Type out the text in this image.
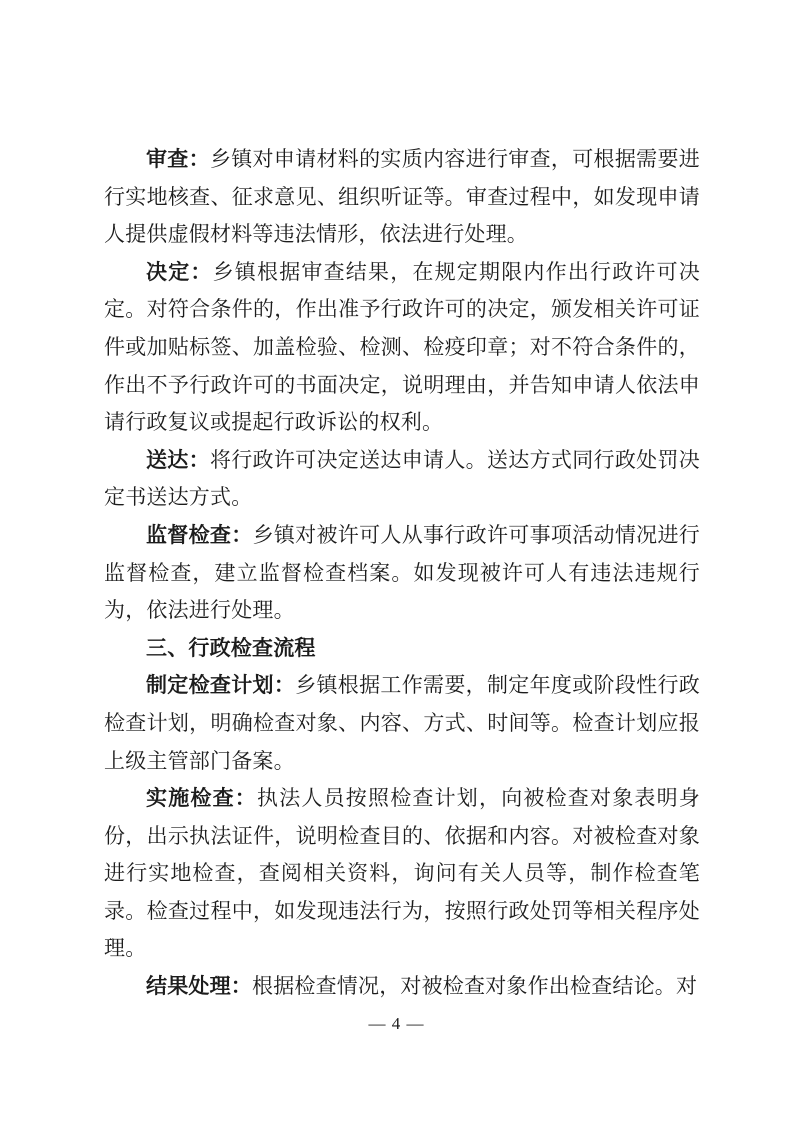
审查：乡镇对申请材料的实质内容进行审查，可根据需要进行实地核查、征求意见、组织听证等。审查过程中，如发现申请人提供虚假材料等违法情形，依法进行处理。

决定：乡镇根据审查结果，在规定期限内作出行政许可决定。对符合条件的，作出准予行政许可的决定，颁发相关许可证件或加贴标签、加盖检验、检测、检疫印章；对不符合条件的，作出不予行政许可的书面决定，说明理由，并告知申请人依法申请行政复议或提起行政诉讼的权利。

送达：将行政许可决定送达申请人。送达方式同行政处罚决定书送达方式。

监督检查：乡镇对被许可人从事行政许可事项活动情况进行监督检查，建立监督检查档案。如发现被许可人有违法违规行为，依法进行处理。

三、行政检查流程

制定检查计划：乡镇根据工作需要，制定年度或阶段性行政检查计划，明确检查对象、内容、方式、时间等。检查计划应报上级主管部门备案。

实施检查：执法人员按照检查计划，向被检查对象表明身份，出示执法证件，说明检查目的、依据和内容。对被检查对象进行实地检查，查阅相关资料，询问有关人员等，制作检查笔录。检查过程中，如发现违法行为，按照行政处罚等相关程序处理。

结果处理：根据检查情况，对被检查对象作出检查结论。对

— 4 —
